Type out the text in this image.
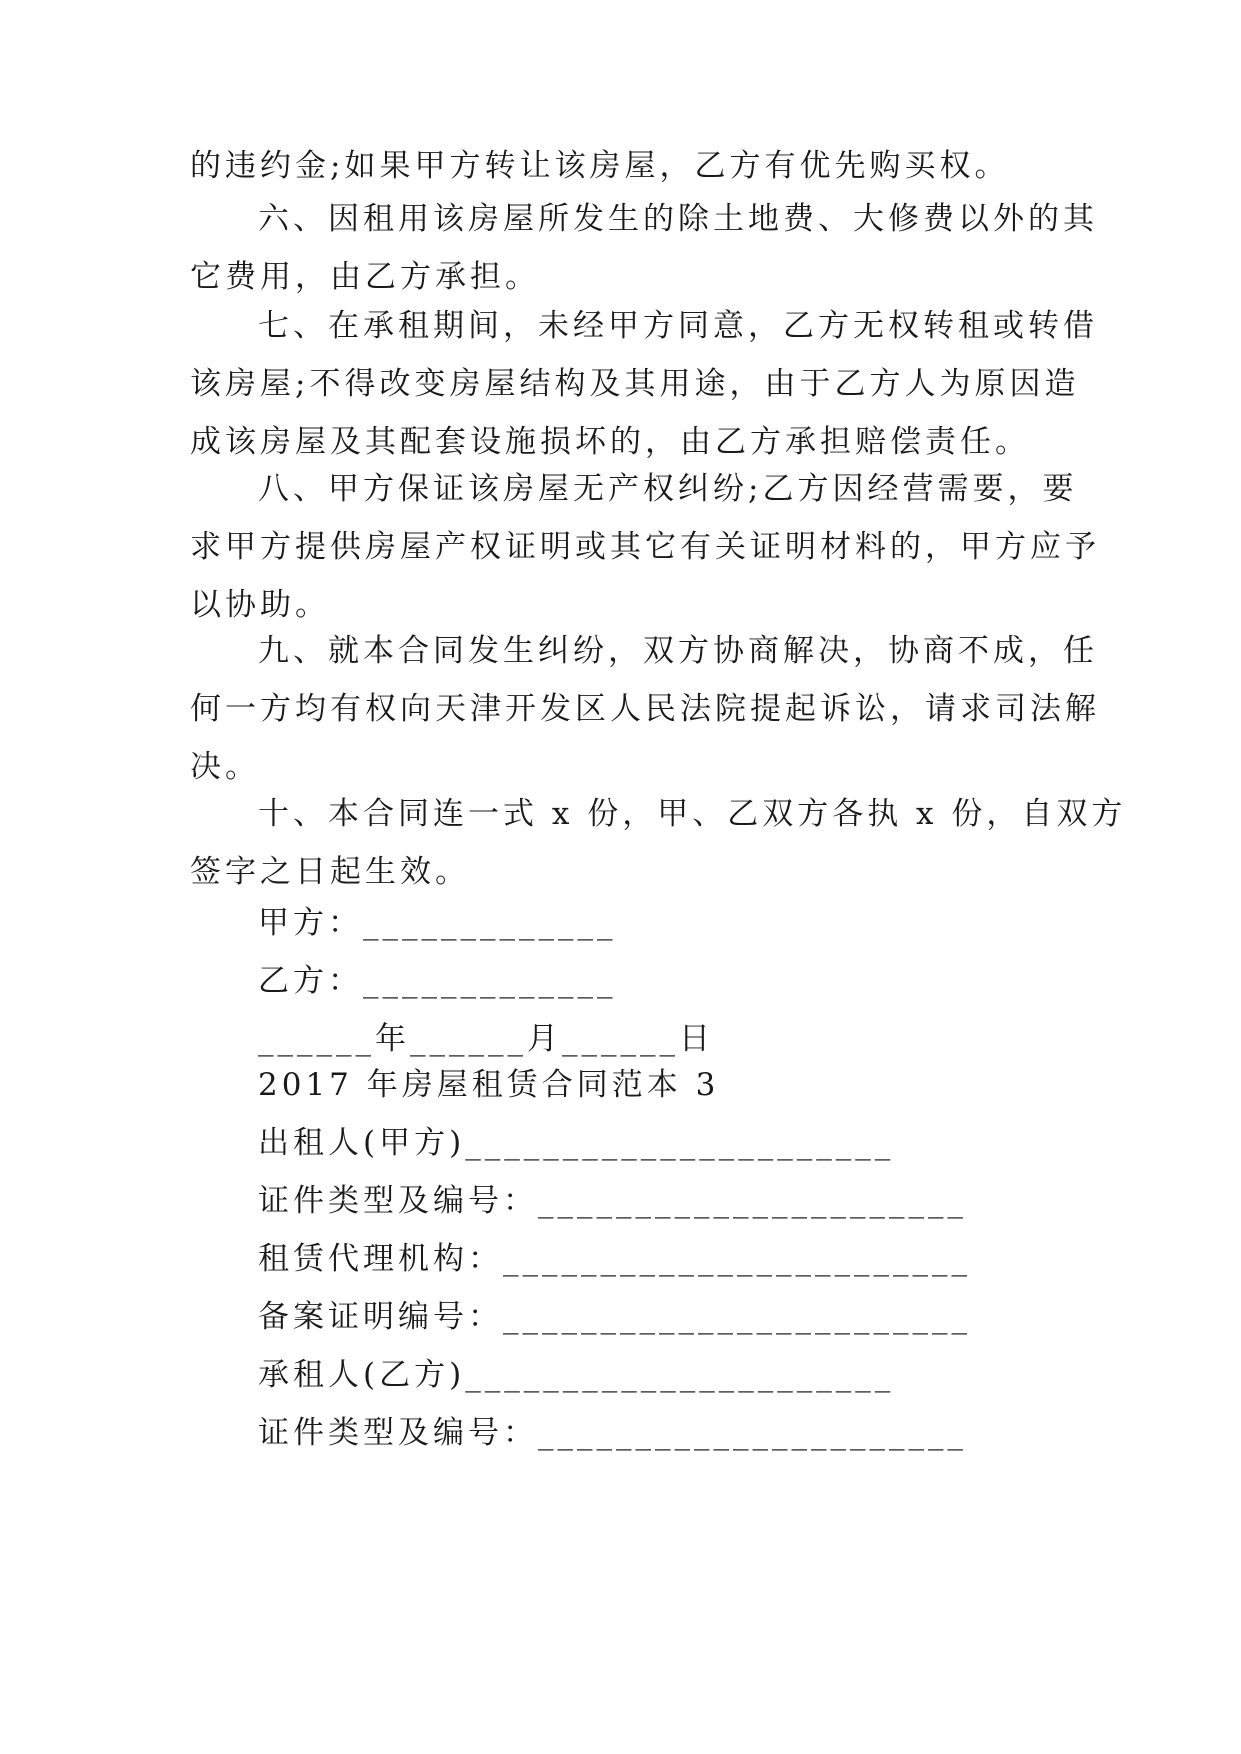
的违约金;如果甲方转让该房屋，乙方有优先购买权。
六、因租用该房屋所发生的除土地费、大修费以外的其
它费用，由乙方承担。
七、在承租期间，未经甲方同意，乙方无权转租或转借
该房屋;不得改变房屋结构及其用途，由于乙方人为原因造
成该房屋及其配套设施损坏的，由乙方承担赔偿责任。
八、甲方保证该房屋无产权纠纷;乙方因经营需要，要
求甲方提供房屋产权证明或其它有关证明材料的，甲方应予
以协助。
九、就本合同发生纠纷，双方协商解决，协商不成，任
何一方均有权向天津开发区人民法院提起诉讼，请求司法解
决。
十、本合同连一式 x 份，甲、乙双方各执 x 份，自双方
签字之日起生效。
甲方：_____________
乙方：_____________
______年______月______日
2017 年房屋租赁合同范本 3
出租人(甲方)______________________
证件类型及编号：______________________
租赁代理机构：________________________
备案证明编号：________________________
承租人(乙方)______________________
证件类型及编号：______________________
